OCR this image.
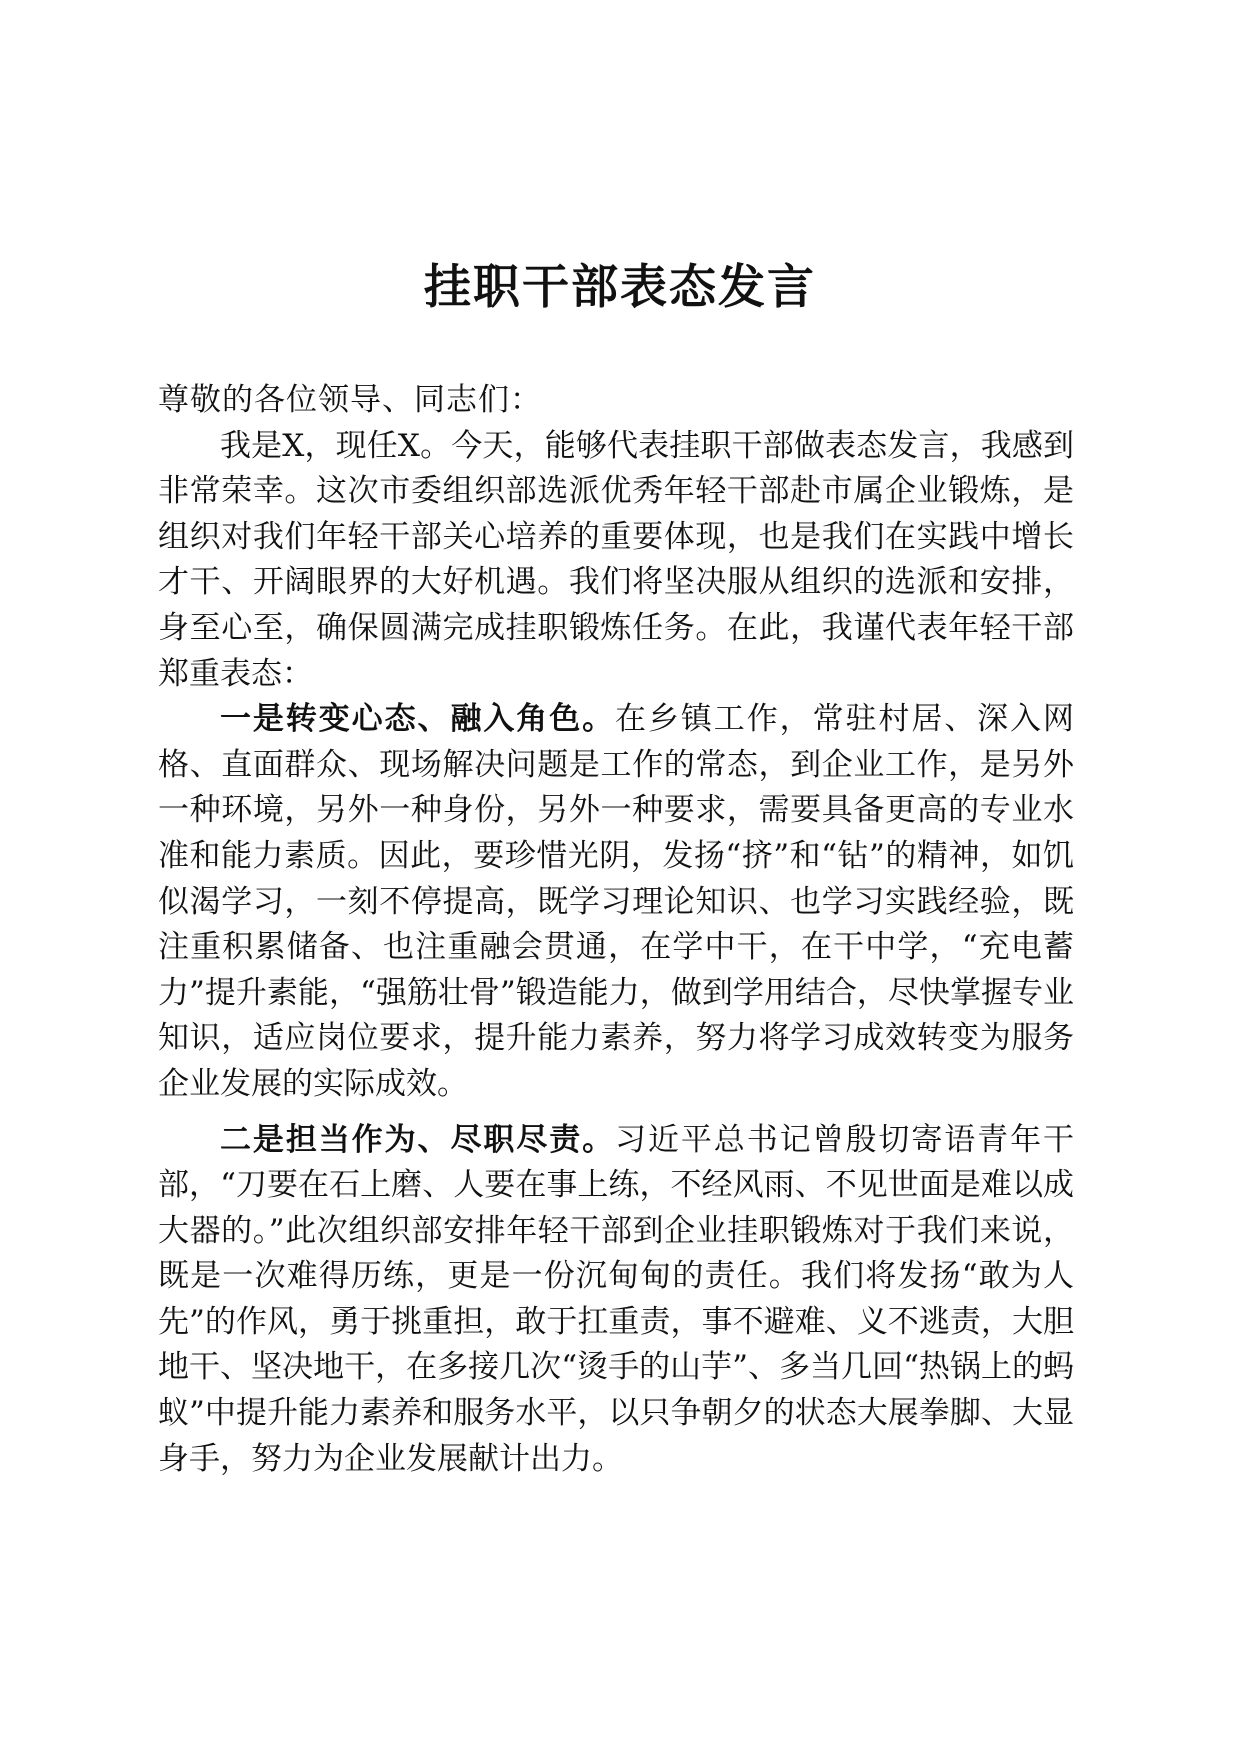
挂职干部表态发言

尊敬的各位领导、同志们：

我是X，现任X。今天，能够代表挂职干部做表态发言，我感到非常荣幸。这次市委组织部选派优秀年轻干部赴市属企业锻炼，是组织对我们年轻干部关心培养的重要体现，也是我们在实践中增长才干、开阔眼界的大好机遇。我们将坚决服从组织的选派和安排，身至心至，确保圆满完成挂职锻炼任务。在此，我谨代表年轻干部郑重表态：

一是转变心态、融入角色。在乡镇工作，常驻村居、深入网格、直面群众、现场解决问题是工作的常态，到企业工作，是另外一种环境，另外一种身份，另外一种要求，需要具备更高的专业水准和能力素质。因此，要珍惜光阴，发扬“挤”和“钻”的精神，如饥似渴学习，一刻不停提高，既学习理论知识、也学习实践经验，既注重积累储备、也注重融会贯通，在学中干，在干中学，“充电蓄力”提升素能，“强筋壮骨”锻造能力，做到学用结合，尽快掌握专业知识，适应岗位要求，提升能力素养，努力将学习成效转变为服务企业发展的实际成效。

二是担当作为、尽职尽责。习近平总书记曾殷切寄语青年干部，“刀要在石上磨、人要在事上练，不经风雨、不见世面是难以成大器的。”此次组织部安排年轻干部到企业挂职锻炼对于我们来说，既是一次难得历练，更是一份沉甸甸的责任。我们将发扬“敢为人先”的作风，勇于挑重担，敢于扛重责，事不避难、义不逃责，大胆地干、坚决地干，在多接几次“烫手的山芋”、多当几回“热锅上的蚂蚁”中提升能力素养和服务水平，以只争朝夕的状态大展拳脚、大显身手，努力为企业发展献计出力。
